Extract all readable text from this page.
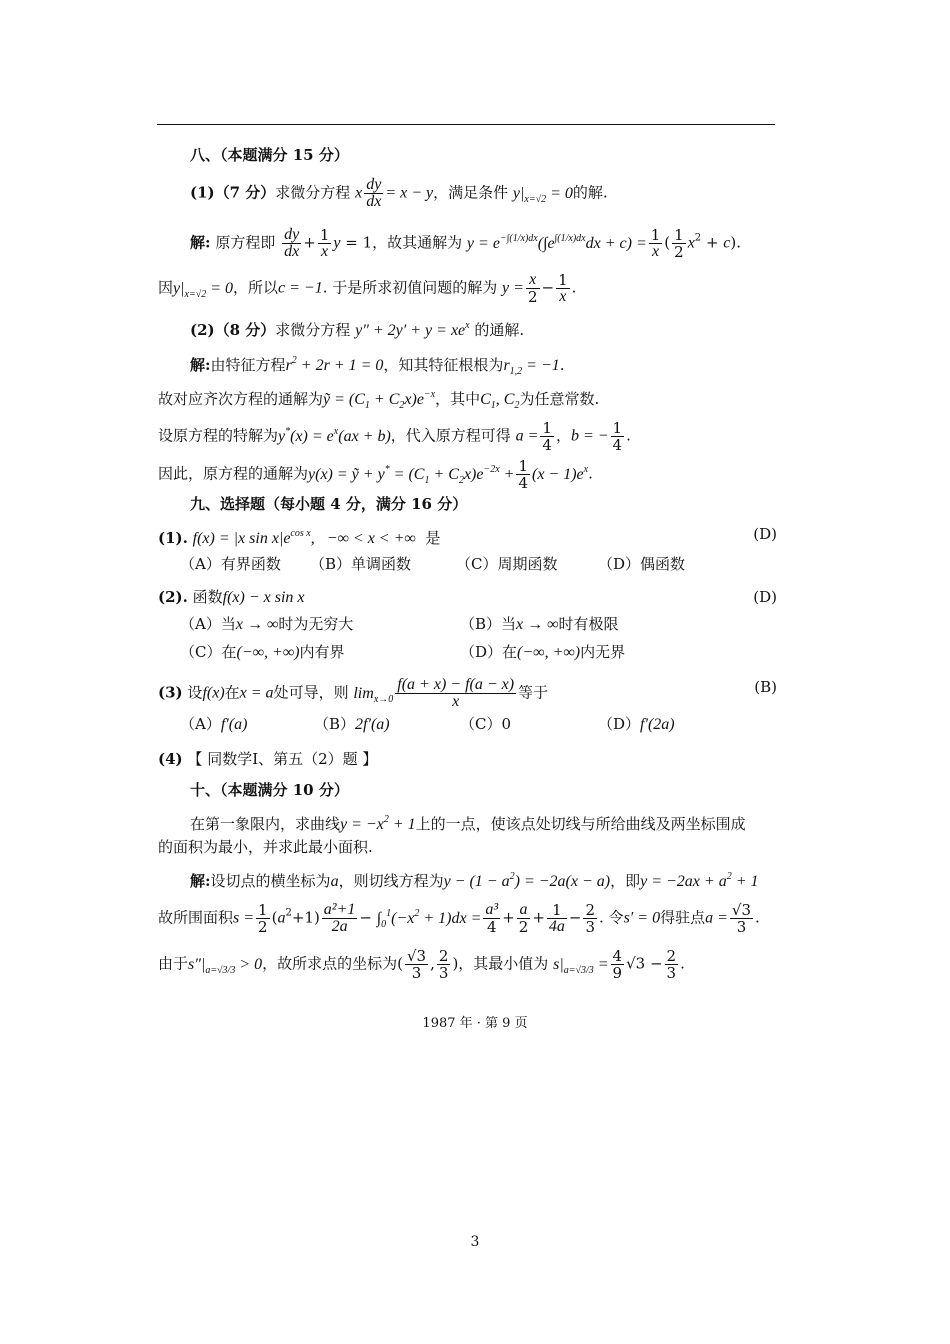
八、（本题满分 15 分）
(1)（7 分）求微分方程 x $\frac{dy}{dx} = x - y$，满足条件 $y|_{x=√2} = 0$的解.
解: 原方程即 $\frac{dy}{dx} + \frac{1}{x}$ y = 1，故其通解为 $y = e^{-\int(1/x)dx}(\int e^{\int(1/x)dx}dx + c) = \frac{1}{x}$ ( $\frac{1}{2} x^2 + c$).
因$y|_{x=√2} = 0$，所以c = −1. 于是所求初值问题的解为 $y = \frac{x}{2} - \frac{1}{x}$ .
(2)（8 分）求微分方程 $y'' + 2y' + y = xe^x$ 的通解.
解:由特征方程$r^2 + 2r + 1 = 0$，知其特征根根为$r_{1,2} = -1$.
故对应齐次方程的通解为ỹ = $(C_1 + C_2x)e^{-x}$，其中$C_1$, $C_2$为任意常数.
设原方程的特解为$y^*(x) = e^x(ax + b)$，代入原方程可得 $a = \frac{1}{4}$ ，b = − $\frac{1}{4}$ .
因此，原方程的通解为y(x) = ỹ + $y^* = (C_1 + C_2x)e^{-2x} + \frac{1}{4} (x - 1)e^x$.
九、选择题（每小题 4 分，满分 16 分）
(1). f(x) = |x $\sin x|e^{cos x}$,   −∞ < x < +∞ 是	(D)
（A）有界函数 （B）单调函数	（C）周期函数	（D）偶函数
(2). 函数f(x) − x sin x	(D)
（A）当x → ∞时为无穷大	（B）当x → ∞时有极限
（C）在(−∞, +∞)内有界	（D）在(−∞, +∞)内无界
(3) 设f(x)在x = a处可导，则 $\lim_{x\to 0} \frac{f(a + x) - f(a - x)}{x}$ 等于	(B)
（A）f′(a)	（B）2f′(a)	（C）0	（D）f′(2a)
(4) 【 同数学Ⅰ、第五（2）题 】
十、（本题满分 10 分）
在第一象限内，求曲线$y = -x^2 + 1$上的一点，使该点处切线与所给曲线及两坐标围成
的面积为最小，并求此最小面积.
解:设切点的横坐标为a，则切线方程为$y - (1 - a^2) = -2a(x - a)$，即$y = -2ax + a^2 + 1$
故所围面积$s = \frac{1}{2} (a^2+1) \frac{\text{a²+1}}{2a} - \int_0^1(-x^2 + 1)dx = \frac{\text{a³}}{4} + \frac{a}{2} + \frac{1}{4a} - \frac{2}{3}$ . 令s′ = 0得驻点$a = \frac{√3}{3}$ .
由于$s''|_{a=√3/3} > 0$，故所求点的坐标为( $\frac{√3}{3}$ , $\frac{2}{3}$ )，其最小值为 $s|_{a=√3/3} = \frac{4}{9} √3 - \frac{2}{3}$ .
1987 年 · 第 9 页
3
